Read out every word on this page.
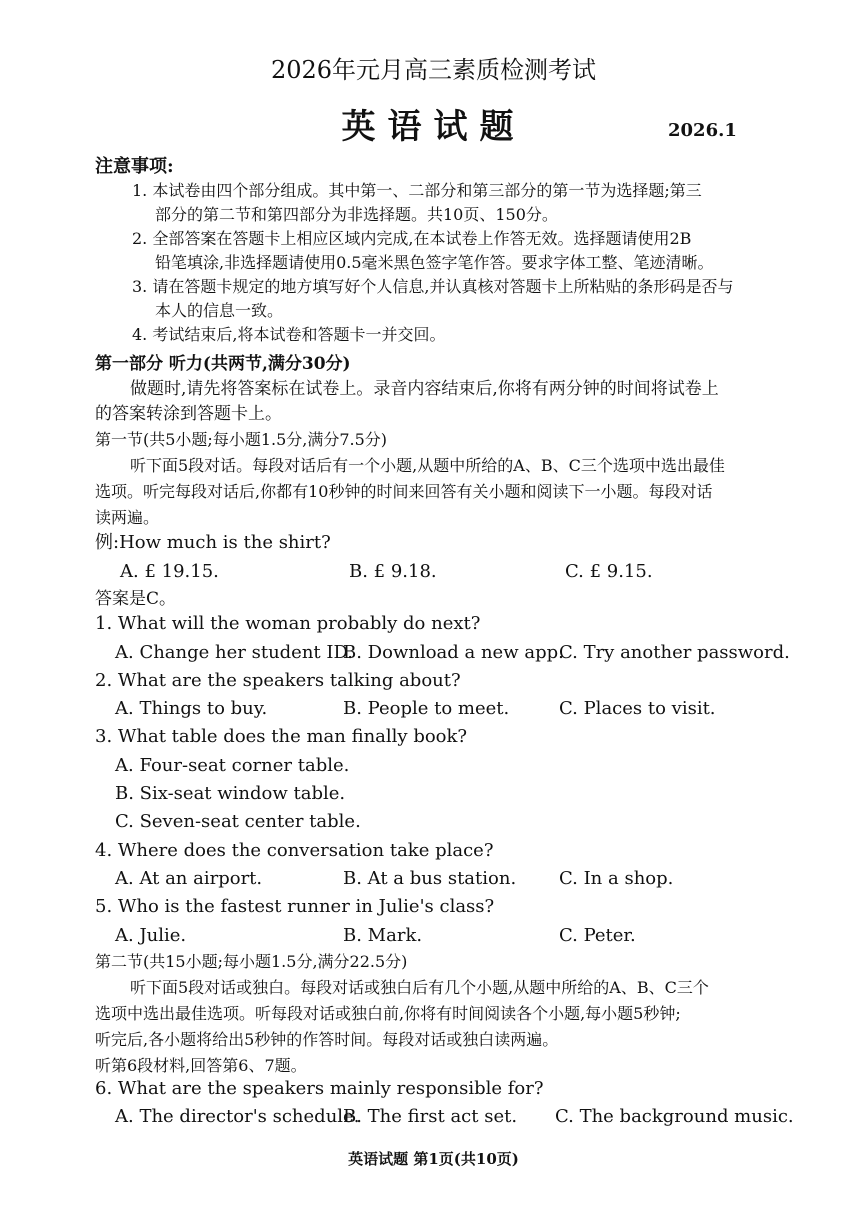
2026年元月高三素质检测考试
英语试题	2026.1
注意事项:
1. 本试卷由四个部分组成。其中第一、二部分和第三部分的第一节为选择题;第三
部分的第二节和第四部分为非选择题。共10页、150分。
2. 全部答案在答题卡上相应区域内完成,在本试卷上作答无效。选择题请使用2B
铅笔填涂,非选择题请使用0.5毫米黑色签字笔作答。要求字体工整、笔迹清晰。
3. 请在答题卡规定的地方填写好个人信息,并认真核对答题卡上所粘贴的条形码是否与
本人的信息一致。
4. 考试结束后,将本试卷和答题卡一并交回。
第一部分 听力(共两节,满分30分)
做题时,请先将答案标在试卷上。录音内容结束后,你将有两分钟的时间将试卷上
的答案转涂到答题卡上。
第一节(共5小题;每小题1.5分,满分7.5分)
听下面5段对话。每段对话后有一个小题,从题中所给的A、B、C三个选项中选出最佳
选项。听完每段对话后,你都有10秒钟的时间来回答有关小题和阅读下一小题。每段对话
读两遍。
例:How much is the shirt?
A. £ 19.15.	B. £ 9.18.	C. £ 9.15.
答案是C。
1. What will the woman probably do next?
A. Change her student ID.
B. Download a new app.
C. Try another password.
2. What are the speakers talking about?
A. Things to buy.	B. People to meet.	C. Places to visit.
3. What table does the man finally book?
A. Four-seat corner table.
B. Six-seat window table.
C. Seven-seat center table.
4. Where does the conversation take place?
A. At an airport.	B. At a bus station. C. In a shop.
5. Who is the fastest runner in Julie's class?
A. Julie.	B. Mark.	C. Peter.
第二节(共15小题;每小题1.5分,满分22.5分)
听下面5段对话或独白。每段对话或独白后有几个小题,从题中所给的A、B、C三个
选项中选出最佳选项。听每段对话或独白前,你将有时间阅读各个小题,每小题5秒钟;
听完后,各小题将给出5秒钟的作答时间。每段对话或独白读两遍。
听第6段材料,回答第6、7题。
6. What are the speakers mainly responsible for?
A. The director's schedule.
B. The first act set. C. The background music.
英语试题 第1页(共10页)
